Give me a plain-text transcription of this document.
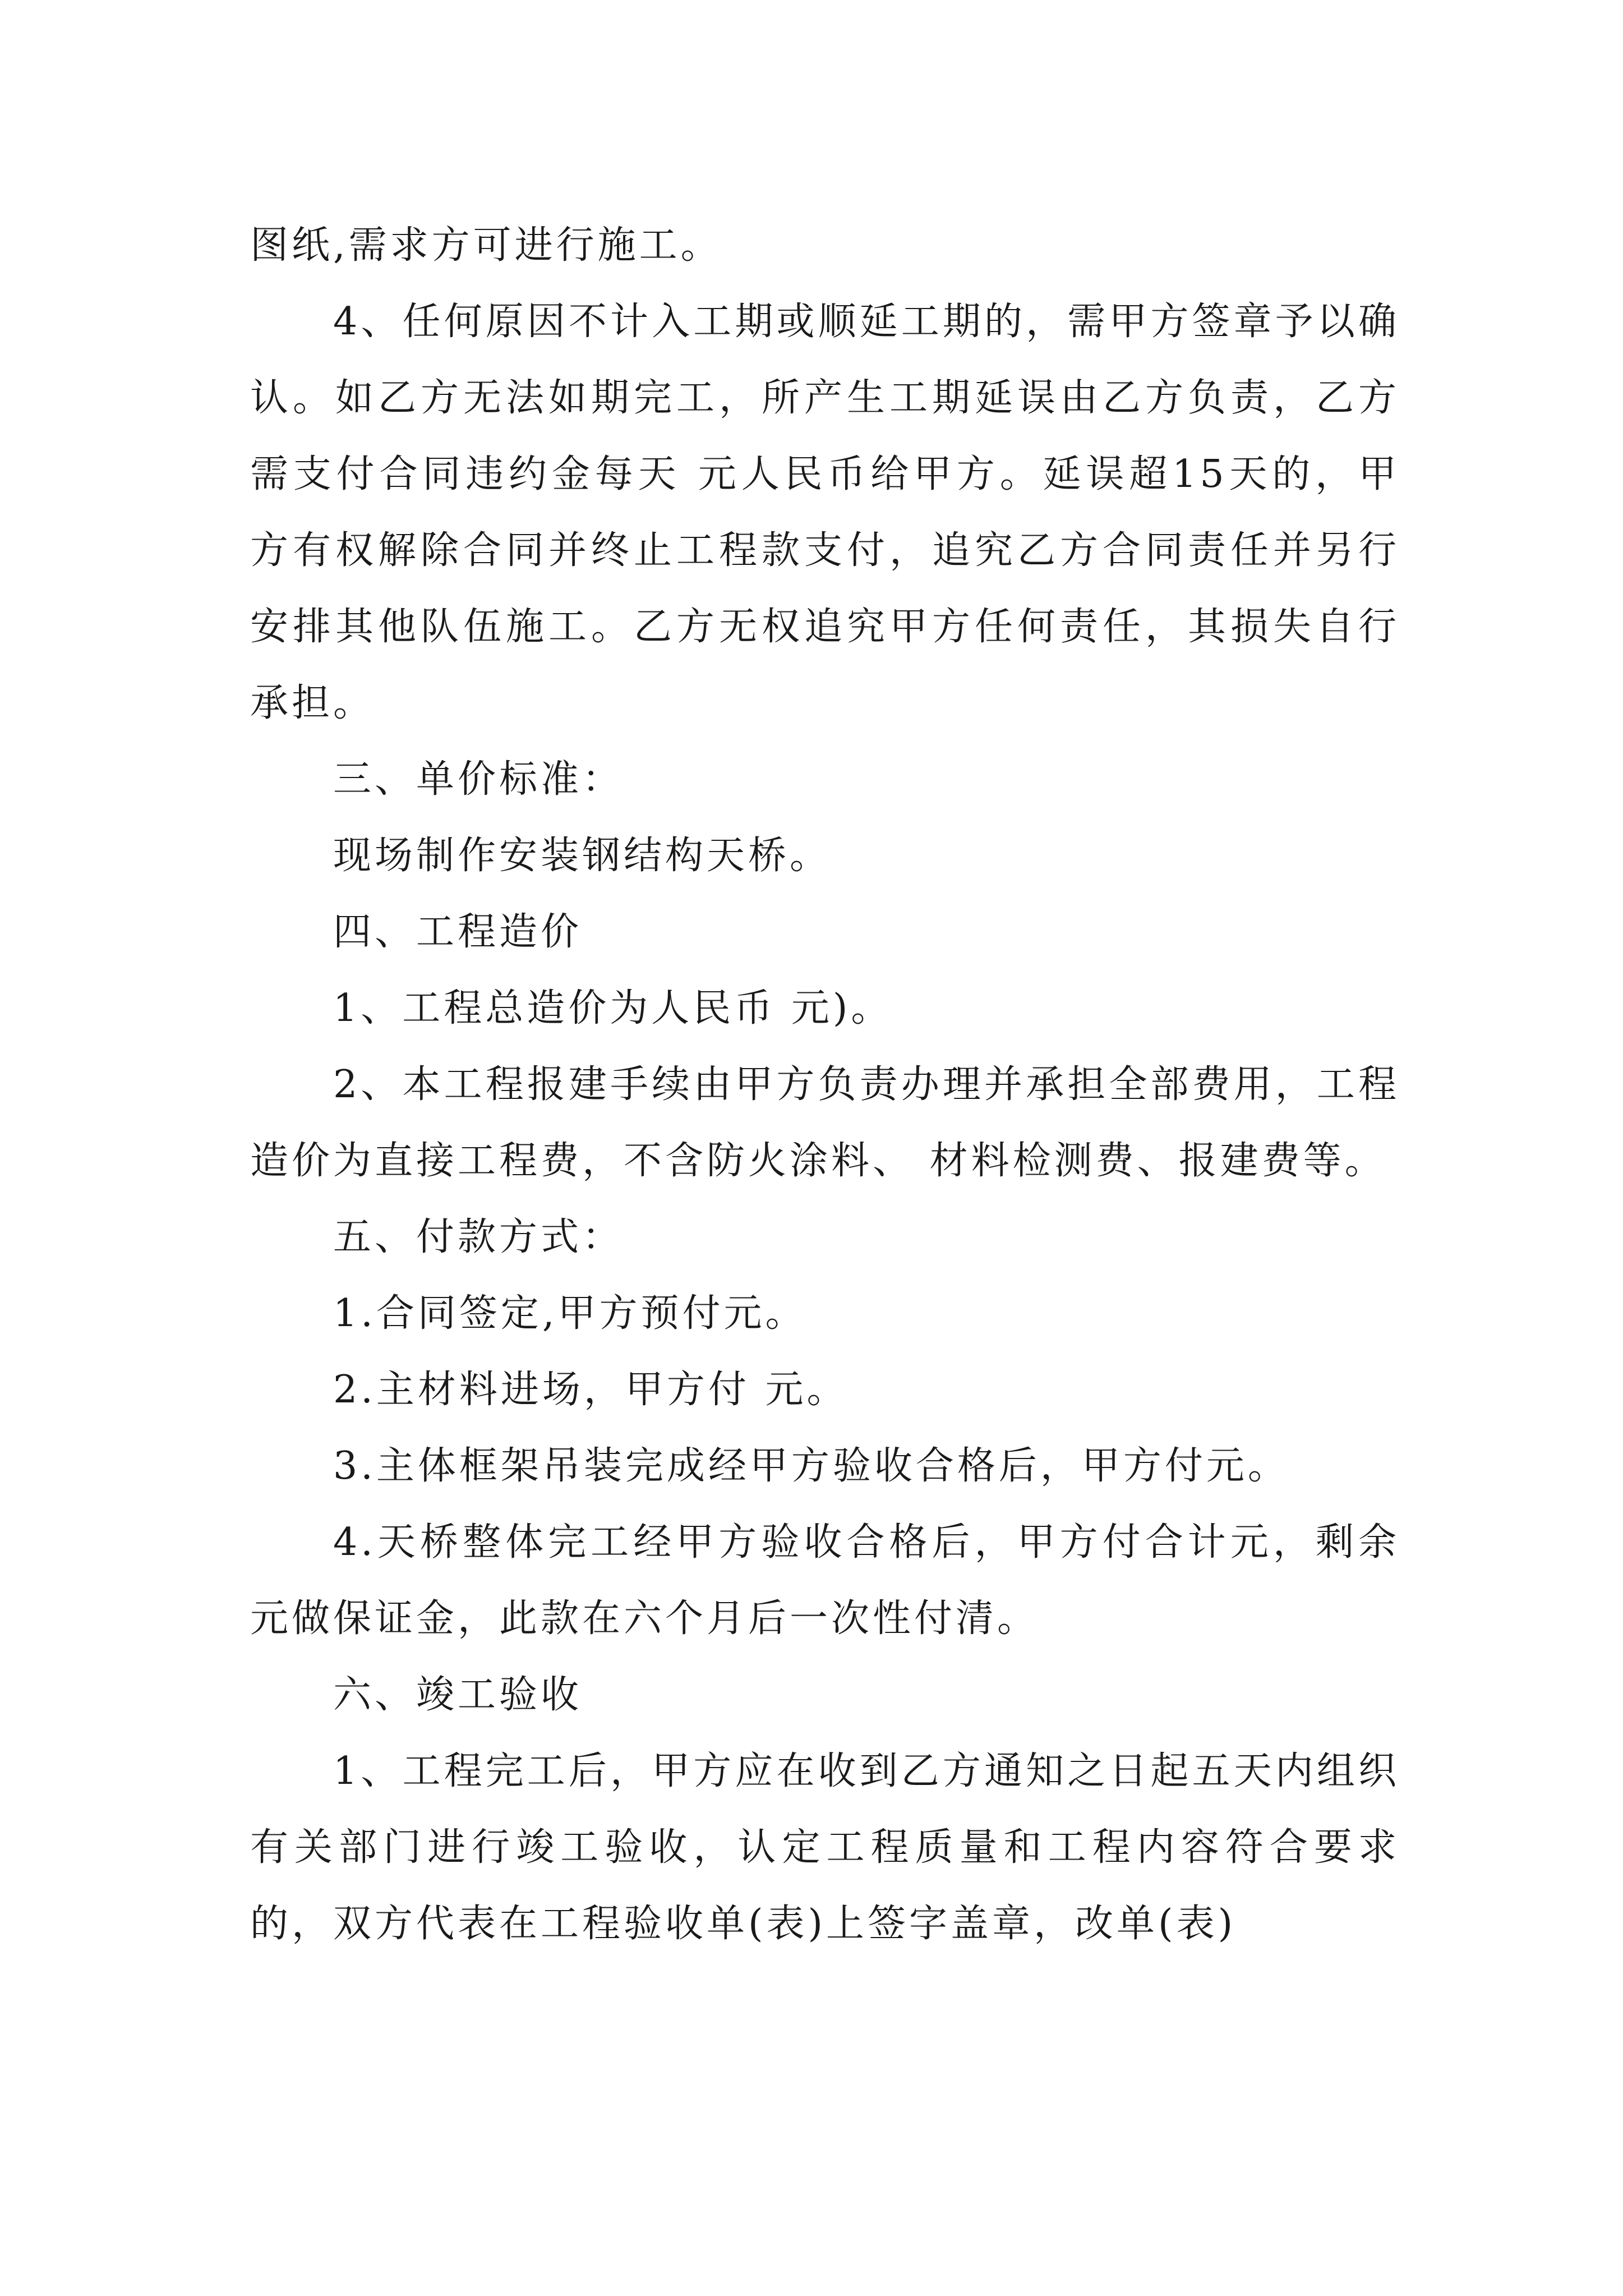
图纸,需求方可进行施工。

4、任何原因不计入工期或顺延工期的，需甲方签章予以确认。如乙方无法如期完工，所产生工期延误由乙方负责，乙方需支付合同违约金每天 元人民币给甲方。延误超15天的，甲方有权解除合同并终止工程款支付，追究乙方合同责任并另行安排其他队伍施工。乙方无权追究甲方任何责任，其损失自行承担。

三、单价标准：

现场制作安装钢结构天桥。

四、工程造价

1、工程总造价为人民币 元)。

2、本工程报建手续由甲方负责办理并承担全部费用，工程造价为直接工程费，不含防火涂料、 材料检测费、报建费等。

五、付款方式：

1.合同签定,甲方预付元。

2.主材料进场，甲方付 元。

3.主体框架吊装完成经甲方验收合格后，甲方付元。

4.天桥整体完工经甲方验收合格后，甲方付合计元，剩余元做保证金，此款在六个月后一次性付清。

六、竣工验收

1、工程完工后，甲方应在收到乙方通知之日起五天内组织有关部门进行竣工验收，认定工程质量和工程内容符合要求的，双方代表在工程验收单(表)上签字盖章，改单(表)
